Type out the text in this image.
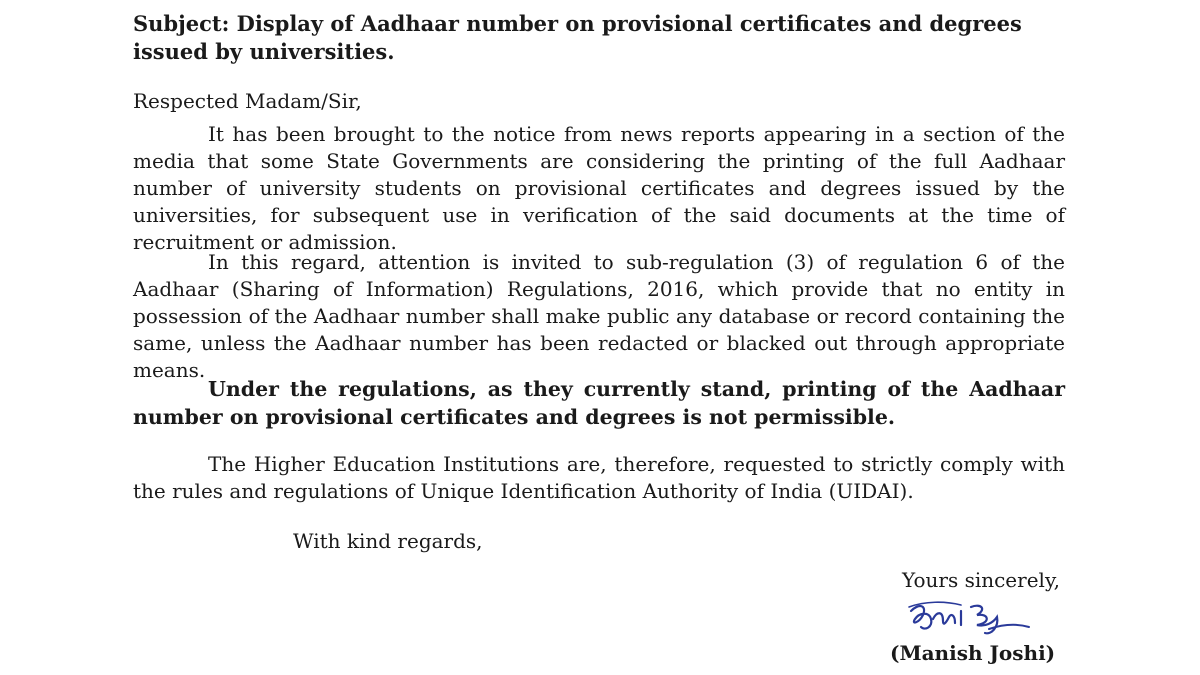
Subject: Display of Aadhaar number on provisional certificates and degrees issued by universities.

Respected Madam/Sir,

It has been brought to the notice from news reports appearing in a section of the media that some State Governments are considering the printing of the full Aadhaar number of university students on provisional certificates and degrees issued by the universities, for subsequent use in verification of the said documents at the time of recruitment or admission.

In this regard, attention is invited to sub-regulation (3) of regulation 6 of the Aadhaar (Sharing of Information) Regulations, 2016, which provide that no entity in possession of the Aadhaar number shall make public any database or record containing the same, unless the Aadhaar number has been redacted or blacked out through appropriate means.

Under the regulations, as they currently stand, printing of the Aadhaar number on provisional certificates and degrees is not permissible.

The Higher Education Institutions are, therefore, requested to strictly comply with the rules and regulations of Unique Identification Authority of India (UIDAI).

With kind regards,

Yours sincerely,

(Manish Joshi)
